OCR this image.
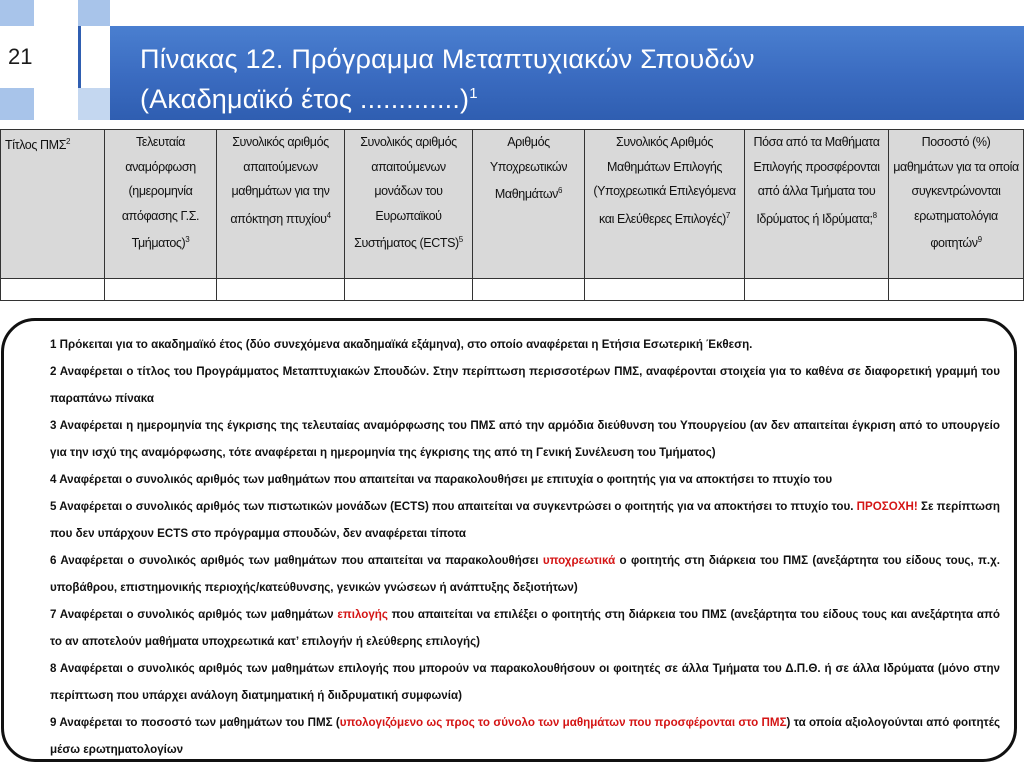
21	Πίνακας 12. Πρόγραμμα Μεταπτυχιακών Σπουδών
(Ακαδημαϊκό έτος .............)$^1$
Τίτλος ΠΜΣ$^2$	Τελευταία αναμόρφωση (ημερομηνία απόφασης Γ.Σ. Τμήματος)$^3$	Συνολικός αριθμός απαιτούμενων μαθημάτων για την απόκτηση πτυχίου$^4$	Συνολικός αριθμός απαιτούμενων μονάδων του Ευρωπαϊκού Συστήματος (ECTS)$^5$	Αριθμός Υποχρεωτικών Μαθημάτων$^6$	Συνολικός Αριθμός Μαθημάτων Επιλογής (Υποχρεωτικά Επιλεγόμενα και Ελεύθερες Επιλογές)$^7$	Πόσα από τα Μαθήματα Επιλογής προσφέρονται από άλλα Τμήματα του Ιδρύματος ή Ιδρύματα;$^8$	Ποσοστό (%) μαθημάτων για τα οποία συγκεντρώνονται ερωτηματολόγια φοιτητών$^9$

1 Πρόκειται για το ακαδημαϊκό έτος (δύο συνεχόμενα ακαδημαϊκά εξάμηνα), στο οποίο αναφέρεται η Ετήσια Εσωτερική Έκθεση.

2 Αναφέρεται ο τίτλος του Προγράμματος Μεταπτυχιακών Σπουδών. Στην περίπτωση περισσοτέρων ΠΜΣ, αναφέρονται στοιχεία για το καθένα σε διαφορετική γραμμή του παραπάνω πίνακα

3 Αναφέρεται η ημερομηνία της έγκρισης της τελευταίας αναμόρφωσης του ΠΜΣ από την αρμόδια διεύθυνση του Υπουργείου (αν δεν απαιτείται έγκριση από το υπουργείο για την ισχύ της αναμόρφωσης, τότε αναφέρεται η ημερομηνία της έγκρισης της από τη Γενική Συνέλευση του Τμήματος)

4 Αναφέρεται ο συνολικός αριθμός των μαθημάτων που απαιτείται να παρακολουθήσει με επιτυχία ο φοιτητής για να αποκτήσει το πτυχίο του

5 Αναφέρεται ο συνολικός αριθμός των πιστωτικών μονάδων (ECTS) που απαιτείται να συγκεντρώσει ο φοιτητής για να αποκτήσει το πτυχίο του. ΠΡΟΣΟΧΗ! Σε περίπτωση που δεν υπάρχουν ECTS στο πρόγραμμα σπουδών, δεν αναφέρεται τίποτα

6 Αναφέρεται ο συνολικός αριθμός των μαθημάτων που απαιτείται να παρακολουθήσει υποχρεωτικά ο φοιτητής στη διάρκεια του ΠΜΣ (ανεξάρτητα του είδους τους, π.χ. υποβάθρου, επιστημονικής περιοχής/κατεύθυνσης, γενικών γνώσεων ή ανάπτυξης δεξιοτήτων)

7 Αναφέρεται ο συνολικός αριθμός των μαθημάτων επιλογής που απαιτείται να επιλέξει ο φοιτητής στη διάρκεια του ΠΜΣ (ανεξάρτητα του είδους τους και ανεξάρτητα από το αν αποτελούν μαθήματα υποχρεωτικά κατ’ επιλογήν ή ελεύθερης επιλογής)

8 Αναφέρεται ο συνολικός αριθμός των μαθημάτων επιλογής που μπορούν να παρακολουθήσουν οι φοιτητές σε άλλα Τμήματα του Δ.Π.Θ. ή σε άλλα Ιδρύματα (μόνο στην περίπτωση που υπάρχει ανάλογη διατμηματική ή διιδρυματική συμφωνία)

9 Αναφέρεται το ποσοστό των μαθημάτων του ΠΜΣ (υπολογιζόμενο ως προς το σύνολο των μαθημάτων που προσφέρονται στο ΠΜΣ) τα οποία αξιολογούνται από φοιτητές μέσω ερωτηματολογίων
